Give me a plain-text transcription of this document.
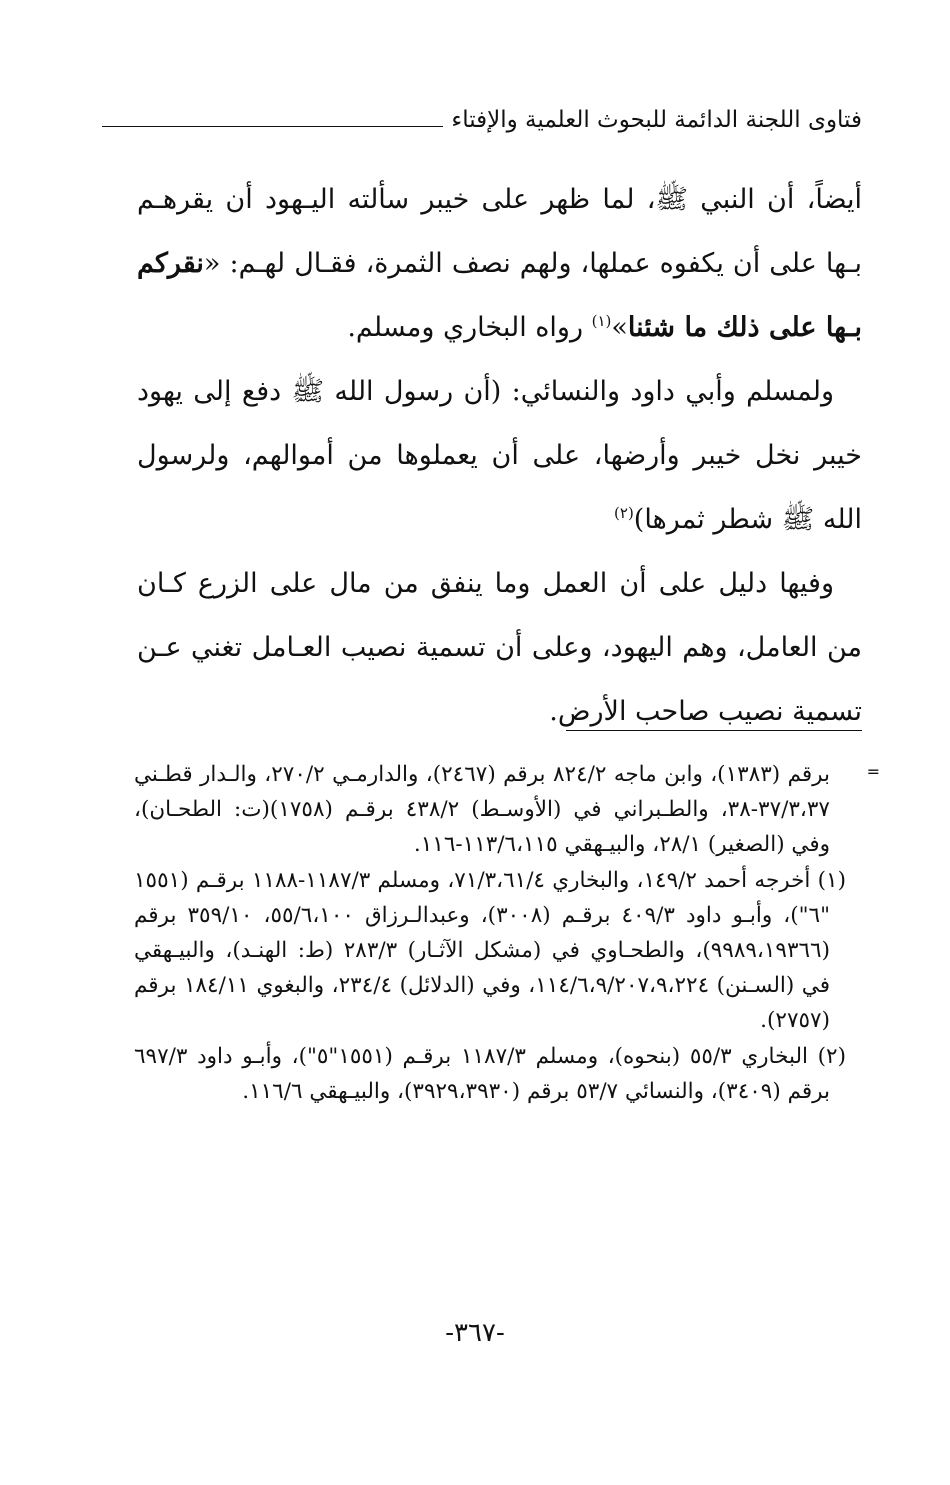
فتاوى اللجنة الدائمة للبحوث العلمية والإفتاء

أيضاً، أن النبي ﷺ، لما ظهر على خيبر سألته اليـهود أن يقرهـم بـها على أن يكفوه عملها، ولهم نصف الثمرة، فقـال لهـم: «نقركم بـها على ذلك ما شئنا»$^{(١)}$ رواه البخاري ومسلم.

ولمسلم وأبي داود والنسائي: (أن رسول الله ﷺ دفع إلى يهود خيبر نخل خيبر وأرضها، على أن يعملوها من أموالهم، ولرسول الله ﷺ شطر ثمرها)$^{(٢)}$

وفيها دليل على أن العمل وما ينفق من مال على الزرع كـان من العامل، وهم اليهود، وعلى أن تسمية نصيب العـامل تغني عـن تسمية نصيب صاحب الأرض.

=

برقم (١٣٨٣)، وابن ماجه ٨٢٤/٢ برقم (٢٤٦٧)، والدارمـي ٢٧٠/٢، والـدار قطـني ٣٧/٣،٣٧-٣٨، والطـبراني في (الأوسـط) ٤٣٨/٢ برقـم (١٧٥٨)(ت: الطحـان)، وفي (الصغير) ٢٨/١، والبيـهقي ١١٣/٦،١١٥-١١٦.

(١) أخرجه أحمد ١٤٩/٢، والبخاري ٧١/٣،٦١/٤، ومسلم ١١٨٧/٣-١١٨٨ برقـم (١٥٥١ "٦")، وأبـو داود ٤٠٩/٣ برقـم (٣٠٠٨)، وعبدالـرزاق ٥٥/٦،١٠٠، ٣٥٩/١٠ برقم (٩٩٨٩،١٩٣٦٦)، والطحـاوي في (مشكل الآثـار) ٢٨٣/٣ (ط: الهنـد)، والبيـهقي في (السـنن) ١١٤/٦،٩/٢٠٧،٩،٢٢٤، وفي (الدلائل) ٢٣٤/٤، والبغوي ١٨٤/١١ برقم (٢٧٥٧).

(٢) البخاري ٥٥/٣ (بنحوه)، ومسلم ١١٨٧/٣ برقـم (١٥٥١"٥")، وأبـو داود ٦٩٧/٣ برقم (٣٤٠٩)، والنسائي ٥٣/٧ برقم (٣٩٢٩،٣٩٣٠)، والبيـهقي ١١٦/٦.

-٣٦٧-
